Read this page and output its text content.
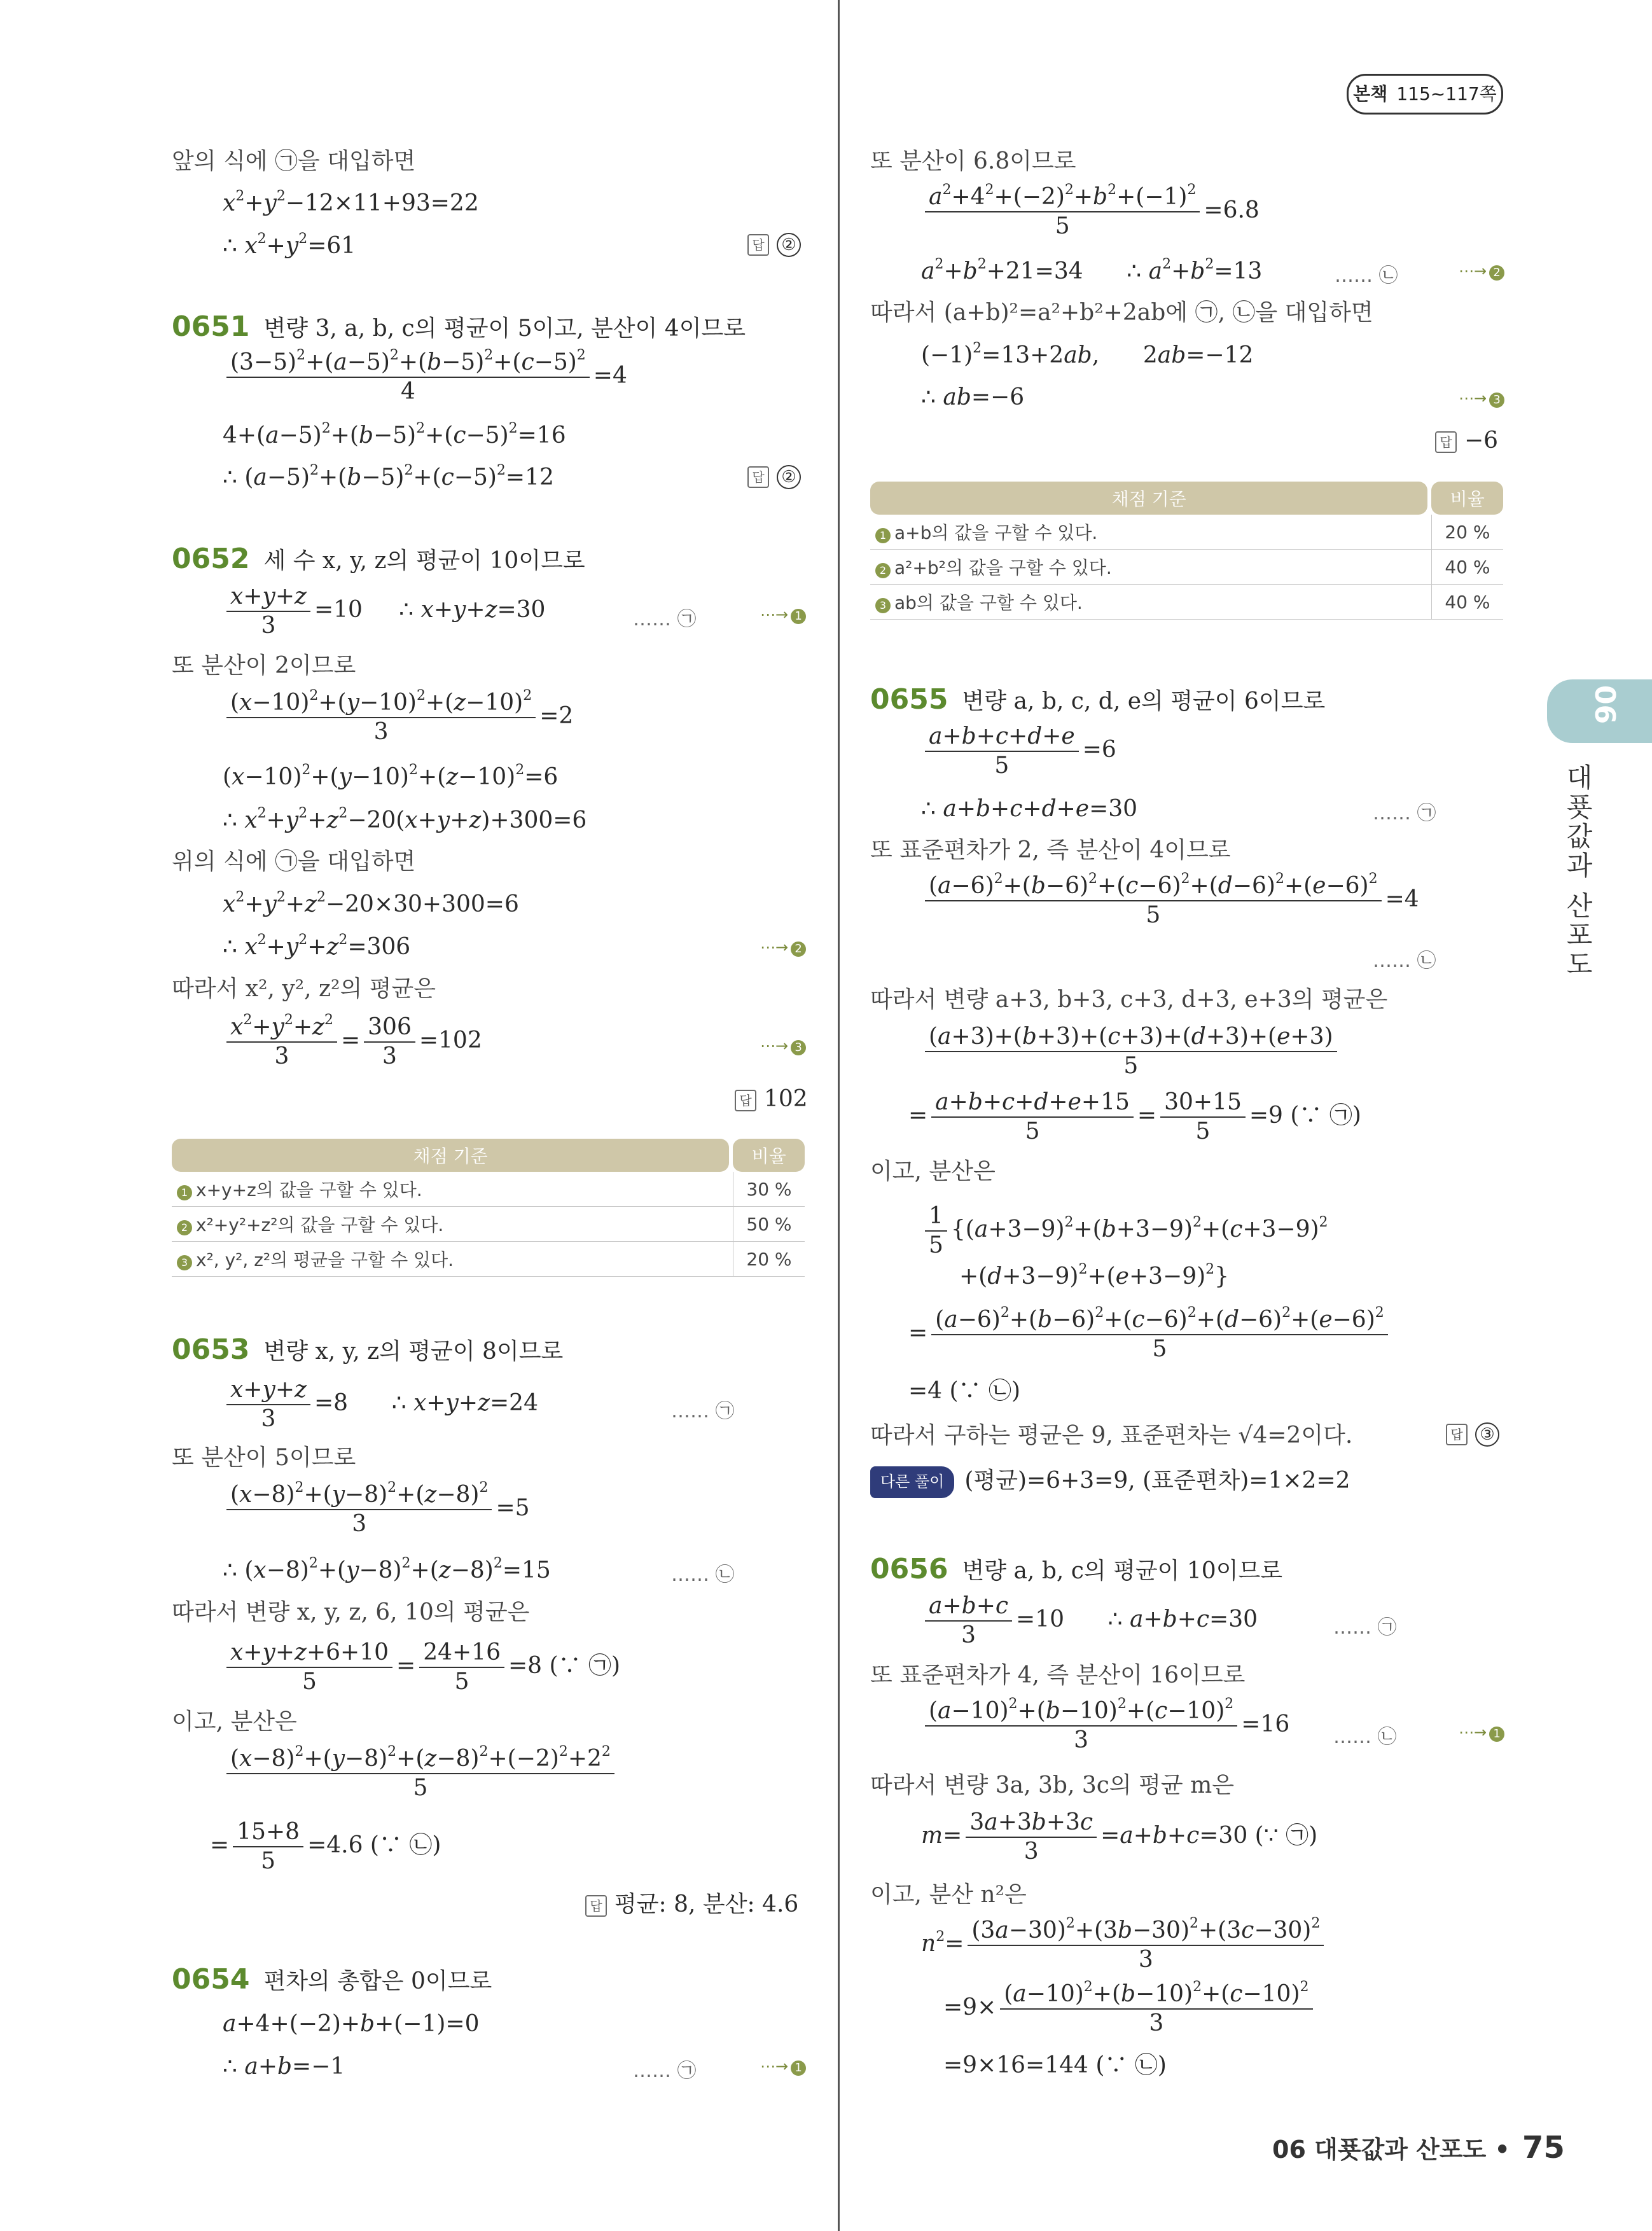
본책 115~117쪽
06
대푯값과 산포도
앞의 식에 ㉠을 대입하면
$x^2+y^2-12\times 11+93=22$
∴ $x^2+y^2=61$	답 ②
0651 변량 3, a, b, c의 평균이 5이고, 분산이 4이므로
$\frac{(3-5)^2+(a-5)^2+(b-5)^2+(c-5)^2}{4} =4$
$4+(a-5)^2+(b-5)^2+(c-5)^2=16$
∴ $(a-5)^2+(b-5)^2+(c-5)^2=12$	답 ②
0652 세 수 x, y, z의 평균이 10이므로
$\frac{x+y+z}{3} =10$     ∴ x+y+z=30	…… ㉠	⋯→ 1
또 분산이 2이므로
$\frac{(x-10)^2+(y-10)^2+(z-10)^2}{3} =2$
$(x-10)^2+(y-10)^2+(z-10)^2=6$
∴ $x^2+y^2+z^2-20(x+y+z)+300=6$
위의 식에 ㉠을 대입하면
$x^2+y^2+z^2-20\times 30+300=6$
∴ $x^2+y^2+z^2=306$	⋯→ 2
따라서 x², y², z²의 평균은
$\frac{x^2+y^2+z^2}{3} = \frac{306}{3} =102$	⋯→ 3
답 102
채점 기준		비율
1 x+y+z의 값을 구할 수 있다.		30 %
2 x²+y²+z²의 값을 구할 수 있다.		50 %
3 x², y², z²의 평균을 구할 수 있다.		20 %
0653 변량 x, y, z의 평균이 8이므로
$\frac{x+y+z}{3} =8$      ∴ x+y+z=24	…… ㉠
또 분산이 5이므로
$\frac{(x-8)^2+(y-8)^2+(z-8)^2}{3} =5$
∴ $(x-8)^2+(y-8)^2+(z-8)^2=15$	…… ㉡
따라서 변량 x, y, z, 6, 10의 평균은
$\frac{x+y+z+6+10}{5} = \frac{24+16}{5} =8$ (∵ ㉠)
이고, 분산은
$\frac{(x-8)^2+(y-8)^2+(z-8)^2+(-2)^2+2^2}{5}$
= $\frac{15+8}{5} =4.6$ (∵ ㉡)
답 평균: 8, 분산: 4.6
0654 편차의 총합은 0이므로
a+4+(−2)+b+(−1)=0
∴ a+b=−1	…… ㉠	⋯→ 1
또 분산이 6.8이므로
$\frac{a^2+4^2+(-2)^2+b^2+(-1)^2}{5} =6.8$
$a^2+b^2+21=34$      ∴ $a^2+b^2=13$	…… ㉡	⋯→ 2
따라서 (a+b)²=a²+b²+2ab에 ㉠, ㉡을 대입하면
$(-1)^2=13+2ab$,      2ab=−12
∴ ab=−6	⋯→ 3
답 −6
채점 기준		비율
1 a+b의 값을 구할 수 있다.		20 %
2 a²+b²의 값을 구할 수 있다.		40 %
3 ab의 값을 구할 수 있다.		40 %
0655 변량 a, b, c, d, e의 평균이 6이므로
$\frac{a+b+c+d+e}{5} =6$
∴ a+b+c+d+e=30	…… ㉠
또 표준편차가 2, 즉 분산이 4이므로
$\frac{(a-6)^2+(b-6)^2+(c-6)^2+(d-6)^2+(e-6)^2}{5} =4$
…… ㉡
따라서 변량 a+3, b+3, c+3, d+3, e+3의 평균은
$\frac{(a+3)+(b+3)+(c+3)+(d+3)+(e+3)}{5}$
= $\frac{a+b+c+d+e+15}{5} = \frac{30+15}{5} =9$ (∵ ㉠)
이고, 분산은
$\frac{1}{5} \{(a+3-9)^2+(b+3-9)^2+(c+3-9)^2$
$+(d+3-9)^2+(e+3-9)^2$}
= $\frac{(a-6)^2+(b-6)^2+(c-6)^2+(d-6)^2+(e-6)^2}{5}$
=4 (∵ ㉡)
따라서 구하는 평균은 9, 표준편차는 √4=2이다.	답 ③
다른 풀이 (평균)=6+3=9, (표준편차)=1×2=2
0656 변량 a, b, c의 평균이 10이므로
$\frac{a+b+c}{3} =10$      ∴ a+b+c=30	…… ㉠
또 표준편차가 4, 즉 분산이 16이므로
$\frac{(a-10)^2+(b-10)^2+(c-10)^2}{3} =16$ …… ㉡	⋯→ 1
따라서 변량 3a, 3b, 3c의 평균 m은
$m= \frac{3a+3b+3c}{3} =a+b+c=30$ (∵ ㉠)
이고, 분산 n²은
$n^2= \frac{(3a-30)^2+(3b-30)^2+(3c-30)^2}{3}$
$=9\times \frac{(a-10)^2+(b-10)^2+(c-10)^2}{3}$
=9×16=144 (∵ ㉡)
06 대푯값과 산포도 • 75
